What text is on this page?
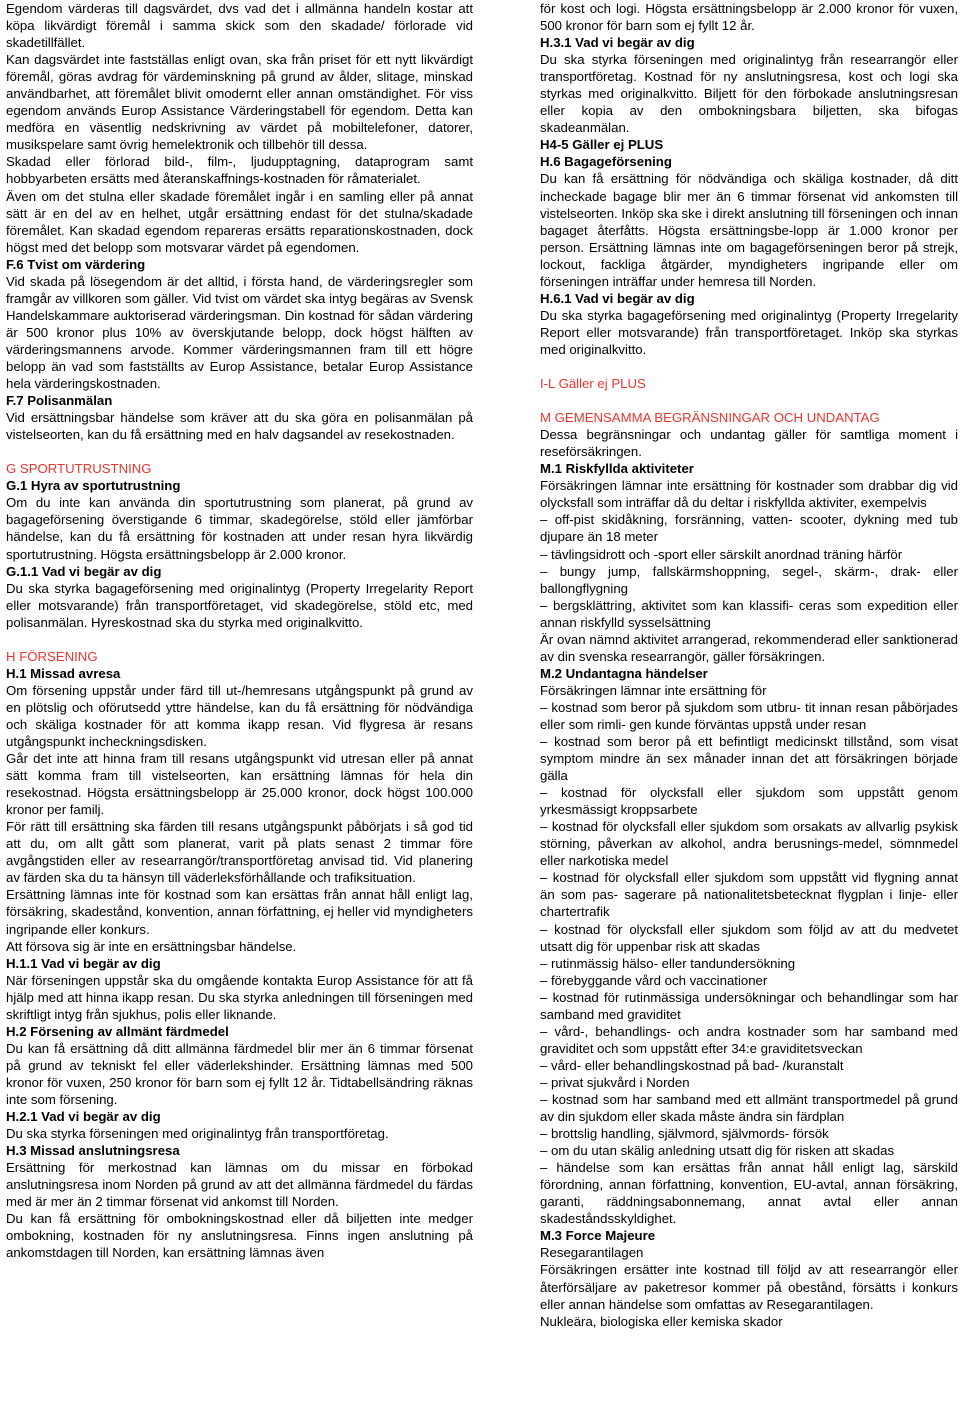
Egendom värderas till dagsvärdet, dvs vad det i allmänna handeln kostar att köpa likvärdigt föremål i samma skick som den skadade/ förlorade vid skadetillfället.

Kan dagsvärdet inte fastställas enligt ovan, ska från priset för ett nytt likvärdigt föremål, göras avdrag för värdeminskning på grund av ålder, slitage, minskad användbarhet, att föremålet blivit omodernt eller annan omständighet. För viss egendom används Europ Assistance Värderingstabell för egendom. Detta kan medföra en väsentlig nedskrivning av värdet på mobiltelefoner, datorer, musikspelare samt övrig hemelektronik och tillbehör till dessa.

Skadad eller förlorad bild-, film-, ljudupptagning, dataprogram samt hobbyarbeten ersätts med återanskaffnings-kostnaden för råmaterialet.

Även om det stulna eller skadade föremålet ingår i en samling eller på annat sätt är en del av en helhet, utgår ersättning endast för det stulna/skadade föremålet. Kan skadad egendom repareras ersätts reparationskostnaden, dock högst med det belopp som motsvarar värdet på egendomen.

F.6 Tvist om värdering

Vid skada på lösegendom är det alltid, i första hand, de värderingsregler som framgår av villkoren som gäller. Vid tvist om värdet ska intyg begäras av Svensk Handelskammare auktoriserad värderingsman. Din kostnad för sådan värdering är 500 kronor plus 10% av överskjutande belopp, dock högst hälften av värderingsmannens arvode. Kommer värderingsmannen fram till ett högre belopp än vad som fastställts av Europ Assistance, betalar Europ Assistance hela värderingskostnaden.

F.7 Polisanmälan

Vid ersättningsbar händelse som kräver att du ska göra en polisanmälan på vistelseorten, kan du få ersättning med en halv dagsandel av resekostnaden.

G SPORTUTRUSTNING

G.1 Hyra av sportutrustning

Om du inte kan använda din sportutrustning som planerat, på grund av bagageförsening överstigande 6 timmar, skadegörelse, stöld eller jämförbar händelse, kan du få ersättning för kostnaden att under resan hyra likvärdig sportutrustning. Högsta ersättningsbelopp är 2.000 kronor.

G.1.1 Vad vi begär av dig

Du ska styrka bagageförsening med originalintyg (Property Irregelarity Report eller motsvarande) från transportföretaget, vid skadegörelse, stöld etc, med polisanmälan. Hyreskostnad ska du styrka med originalkvitto.

H FÖRSENING

H.1 Missad avresa

Om försening uppstår under färd till ut-/hemresans utgångspunkt på grund av en plötslig och oförutsedd yttre händelse, kan du få ersättning för nödvändiga och skäliga kostnader för att komma ikapp resan. Vid flygresa är resans utgångspunkt incheckningsdisken.

Går det inte att hinna fram till resans utgångspunkt vid utresan eller på annat sätt komma fram till vistelseorten, kan ersättning lämnas för hela din resekostnad. Högsta ersättningsbelopp är 25.000 kronor, dock högst 100.000 kronor per familj.

För rätt till ersättning ska färden till resans utgångspunkt påbörjats i så god tid att du, om allt gått som planerat, varit på plats senast 2 timmar före avgångstiden eller av researrangör/transportföretag anvisad tid. Vid planering av färden ska du ta hänsyn till väderleksförhållande och trafiksituation.

Ersättning lämnas inte för kostnad som kan ersättas från annat håll enligt lag, försäkring, skadestånd, konvention, annan författning, ej heller vid myndigheters ingripande eller konkurs.

Att försova sig är inte en ersättningsbar händelse.

H.1.1 Vad vi begär av dig

När förseningen uppstår ska du omgående kontakta Europ Assistance för att få hjälp med att hinna ikapp resan. Du ska styrka anledningen till förseningen med skriftligt intyg från sjukhus, polis eller liknande.

H.2 Försening av allmänt färdmedel

Du kan få ersättning då ditt allmänna färdmedel blir mer än 6 timmar försenat på grund av tekniskt fel eller väderlekshinder. Ersättning lämnas med 500 kronor för vuxen, 250 kronor för barn som ej fyllt 12 år. Tidtabellsändring räknas inte som försening.

H.2.1 Vad vi begär av dig

Du ska styrka förseningen med originalintyg från transportföretag.

H.3 Missad anslutningsresa

Ersättning för merkostnad kan lämnas om du missar en förbokad anslutningsresa inom Norden på grund av att det allmänna färdmedel du färdas med är mer än 2 timmar försenat vid ankomst till Norden.

Du kan få ersättning för ombokningskostnad eller då biljetten inte medger ombokning, kostnaden för ny anslutningsresa. Finns ingen anslutning på ankomstdagen till Norden, kan ersättning lämnas även

för kost och logi. Högsta ersättningsbelopp är 2.000 kronor för vuxen, 500 kronor för barn som ej fyllt 12 år.

H.3.1 Vad vi begär av dig

Du ska styrka förseningen med originalintyg från researrangör eller transportföretag. Kostnad för ny anslutningsresa, kost och logi ska styrkas med originalkvitto. Biljett för den förbokade anslutningsresan eller kopia av den ombokningsbara biljetten, ska bifogas skadeanmälan.

H4-5 Gäller ej PLUS

H.6 Bagageförsening

Du kan få ersättning för nödvändiga och skäliga kostnader, då ditt incheckade bagage blir mer än 6 timmar försenat vid ankomsten till vistelseorten. Inköp ska ske i direkt anslutning till förseningen och innan bagaget återfåtts. Högsta ersättningsbe-lopp är 1.000 kronor per person. Ersättning lämnas inte om bagageförseningen beror på strejk, lockout, fackliga åtgärder, myndigheters ingripande eller om förseningen inträffar under hemresa till Norden.

H.6.1 Vad vi begär av dig

Du ska styrka bagageförsening med originalintyg (Property Irregelarity Report eller motsvarande) från transportföretaget. Inköp ska styrkas med originalkvitto.

I-L Gäller ej PLUS

M GEMENSAMMA BEGRÄNSNINGAR OCH UNDANTAG

Dessa begränsningar och undantag gäller för samtliga moment i reseförsäkringen.

M.1 Riskfyllda aktiviteter

Försäkringen lämnar inte ersättning för kostnader som drabbar dig vid olycksfall som inträffar då du deltar i riskfyllda aktiviter, exempelvis

– off-pist skidåkning, forsränning, vatten- scooter, dykning med tub djupare än 18 meter

– tävlingsidrott och -sport eller särskilt anordnad träning härför

– bungy jump, fallskärmshoppning, segel-, skärm-, drak- eller ballongflygning

– bergsklättring, aktivitet som kan klassifi- ceras som expedition eller annan riskfylld sysselsättning

Är ovan nämnd aktivitet arrangerad, rekommenderad eller sanktionerad av din svenska researrangör, gäller försäkringen.

M.2 Undantagna händelser

Försäkringen lämnar inte ersättning för

– kostnad som beror på sjukdom som utbru- tit innan resan påbörjades eller som rimli- gen kunde förväntas uppstå under resan

– kostnad som beror på ett befintligt medicinskt tillstånd, som visat symptom mindre än sex månader innan det att försäkringen började gälla

– kostnad för olycksfall eller sjukdom som uppstått genom yrkesmässigt kroppsarbete

– kostnad för olycksfall eller sjukdom som orsakats av allvarlig psykisk störning, påverkan av alkohol, andra berusnings-medel, sömnmedel eller narkotiska medel

– kostnad för olycksfall eller sjukdom som uppstått vid flygning annat än som pas- sagerare på nationalitetsbetecknat flygplan i linje- eller chartertrafik

– kostnad för olycksfall eller sjukdom som följd av att du medvetet utsatt dig för uppenbar risk att skadas

– rutinmässig hälso- eller tandundersökning

– förebyggande vård och vaccinationer

– kostnad för rutinmässiga undersökningar och behandlingar som har samband med graviditet

– vård-, behandlings- och andra kostnader som har samband med graviditet och som uppstått efter 34:e graviditetsveckan

– vård- eller behandlingskostnad på bad- /kuranstalt

– privat sjukvård i Norden

– kostnad som har samband med ett allmänt transportmedel på grund av din sjukdom eller skada måste ändra sin färdplan

– brottslig handling, självmord, självmords- försök

– om du utan skälig anledning utsatt dig för risken att skadas

– händelse som kan ersättas från annat håll enligt lag, särskild förordning, annan författning, konvention, EU-avtal, annan försäkring, garanti, räddningsabonnemang, annat avtal eller annan skadeståndsskyldighet.

M.3 Force Majeure

Resegarantilagen

Försäkringen ersätter inte kostnad till följd av att researrangör eller återförsäljare av paketresor kommer på obestånd, försätts i konkurs eller annan händelse som omfattas av Resegarantilagen.

Nukleära, biologiska eller kemiska skador
